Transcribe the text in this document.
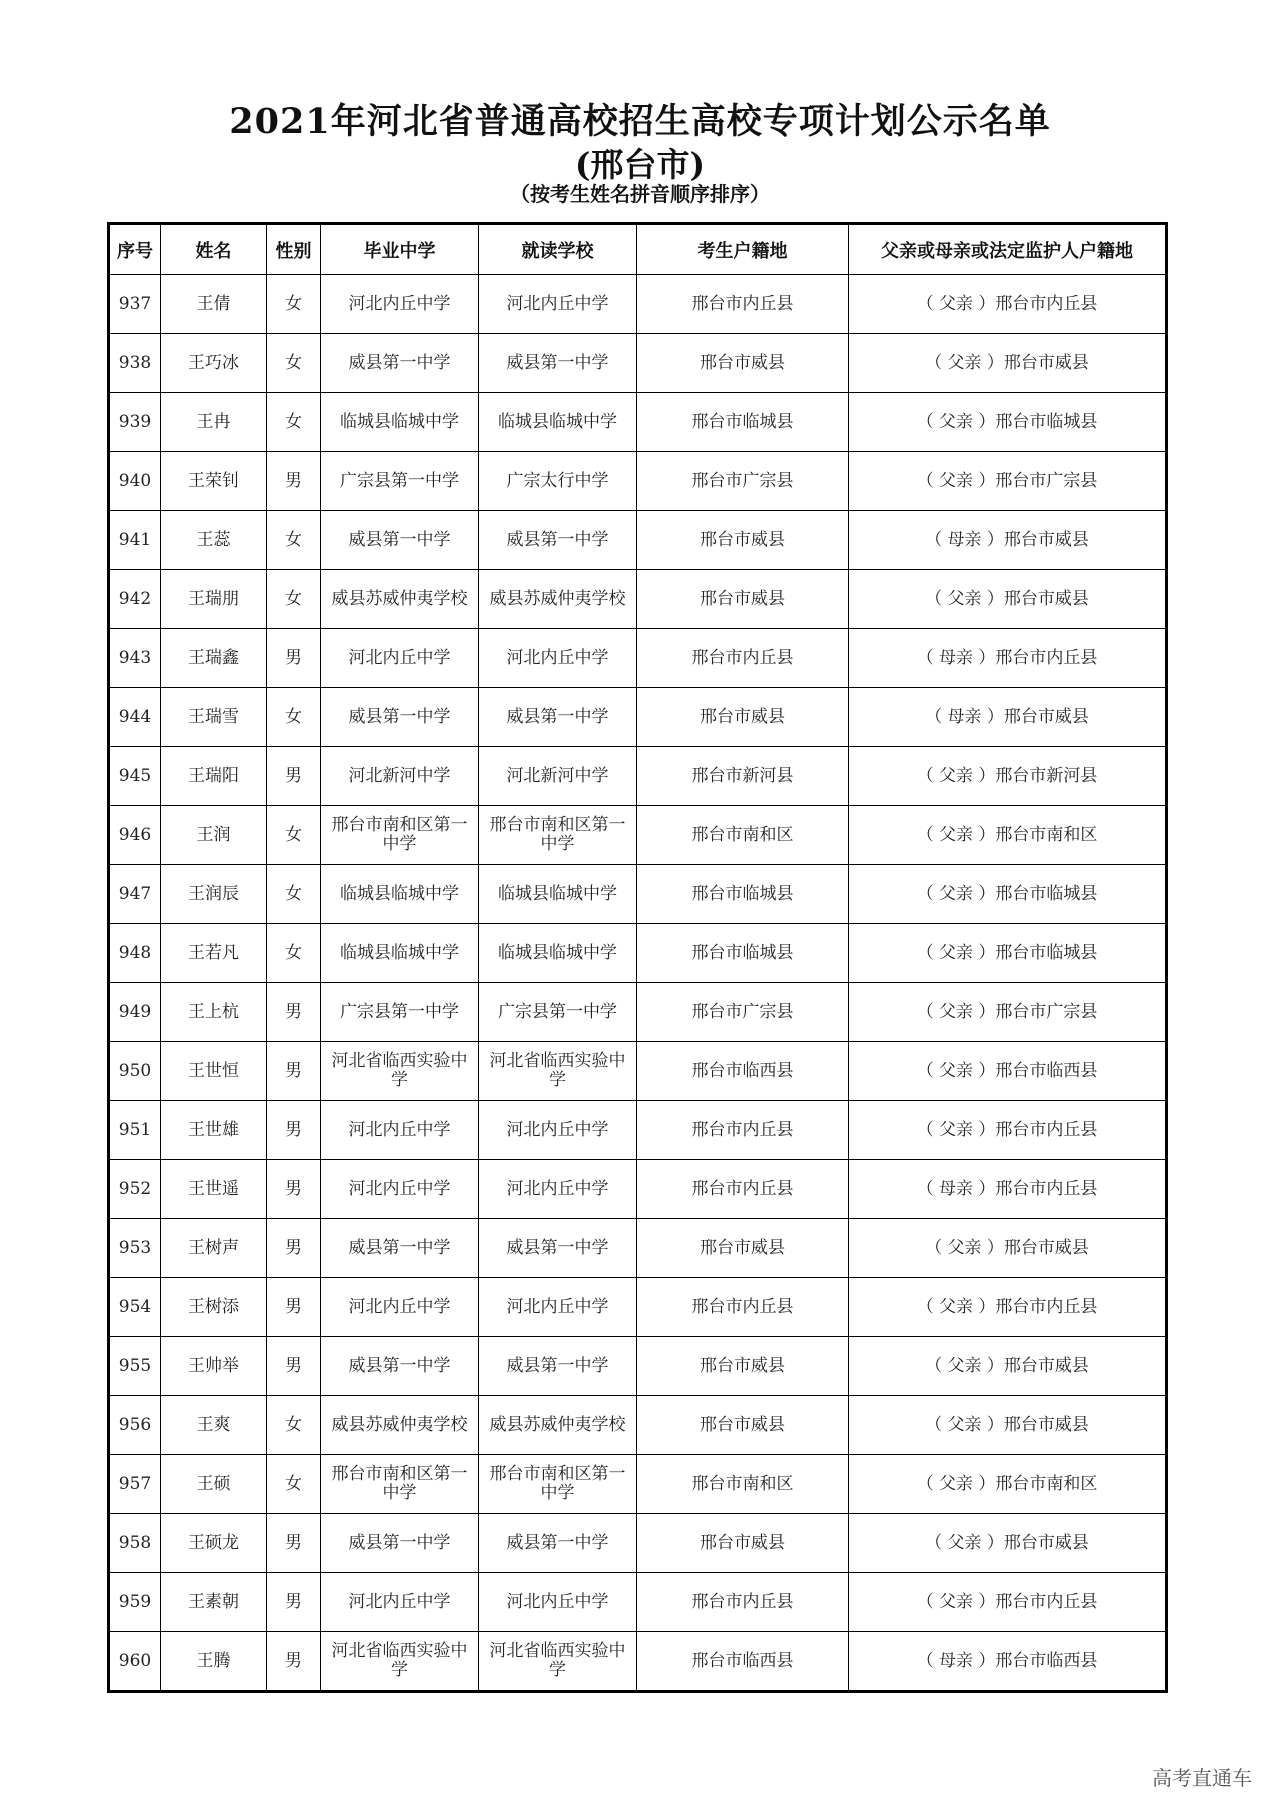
2021年河北省普通高校招生高校专项计划公示名单
(邢台市)
（按考生姓名拼音顺序排序）
序号	姓名	性别	毕业中学	就读学校	考生户籍地	父亲或母亲或法定监护人户籍地
937	王倩	女	河北内丘中学	河北内丘中学	邢台市内丘县	（ 父亲 ）邢台市内丘县
938	王巧冰	女	威县第一中学	威县第一中学	邢台市威县	（ 父亲 ）邢台市威县
939	王冉	女	临城县临城中学	临城县临城中学	邢台市临城县	（ 父亲 ）邢台市临城县
940	王荣钊	男	广宗县第一中学	广宗太行中学	邢台市广宗县	（ 父亲 ）邢台市广宗县
941	王蕊	女	威县第一中学	威县第一中学	邢台市威县	（ 母亲 ）邢台市威县
942	王瑞朋	女	威县苏威仲夷学校	威县苏威仲夷学校	邢台市威县	（ 父亲 ）邢台市威县
943	王瑞鑫	男	河北内丘中学	河北内丘中学	邢台市内丘县	（ 母亲 ）邢台市内丘县
944	王瑞雪	女	威县第一中学	威县第一中学	邢台市威县	（ 母亲 ）邢台市威县
945	王瑞阳	男	河北新河中学	河北新河中学	邢台市新河县	（ 父亲 ）邢台市新河县
946	王润	女	邢台市南和区第一中学	邢台市南和区第一中学	邢台市南和区	（ 父亲 ）邢台市南和区
947	王润辰	女	临城县临城中学	临城县临城中学	邢台市临城县	（ 父亲 ）邢台市临城县
948	王若凡	女	临城县临城中学	临城县临城中学	邢台市临城县	（ 父亲 ）邢台市临城县
949	王上杭	男	广宗县第一中学	广宗县第一中学	邢台市广宗县	（ 父亲 ）邢台市广宗县
950	王世恒	男	河北省临西实验中学	河北省临西实验中学	邢台市临西县	（ 父亲 ）邢台市临西县
951	王世雄	男	河北内丘中学	河北内丘中学	邢台市内丘县	（ 父亲 ）邢台市内丘县
952	王世遥	男	河北内丘中学	河北内丘中学	邢台市内丘县	（ 母亲 ）邢台市内丘县
953	王树声	男	威县第一中学	威县第一中学	邢台市威县	（ 父亲 ）邢台市威县
954	王树添	男	河北内丘中学	河北内丘中学	邢台市内丘县	（ 父亲 ）邢台市内丘县
955	王帅举	男	威县第一中学	威县第一中学	邢台市威县	（ 父亲 ）邢台市威县
956	王爽	女	威县苏威仲夷学校	威县苏威仲夷学校	邢台市威县	（ 父亲 ）邢台市威县
957	王硕	女	邢台市南和区第一中学	邢台市南和区第一中学	邢台市南和区	（ 父亲 ）邢台市南和区
958	王硕龙	男	威县第一中学	威县第一中学	邢台市威县	（ 父亲 ）邢台市威县
959	王素朝	男	河北内丘中学	河北内丘中学	邢台市内丘县	（ 父亲 ）邢台市内丘县
960	王腾	男	河北省临西实验中学	河北省临西实验中学	邢台市临西县	（ 母亲 ）邢台市临西县
高考直通车
